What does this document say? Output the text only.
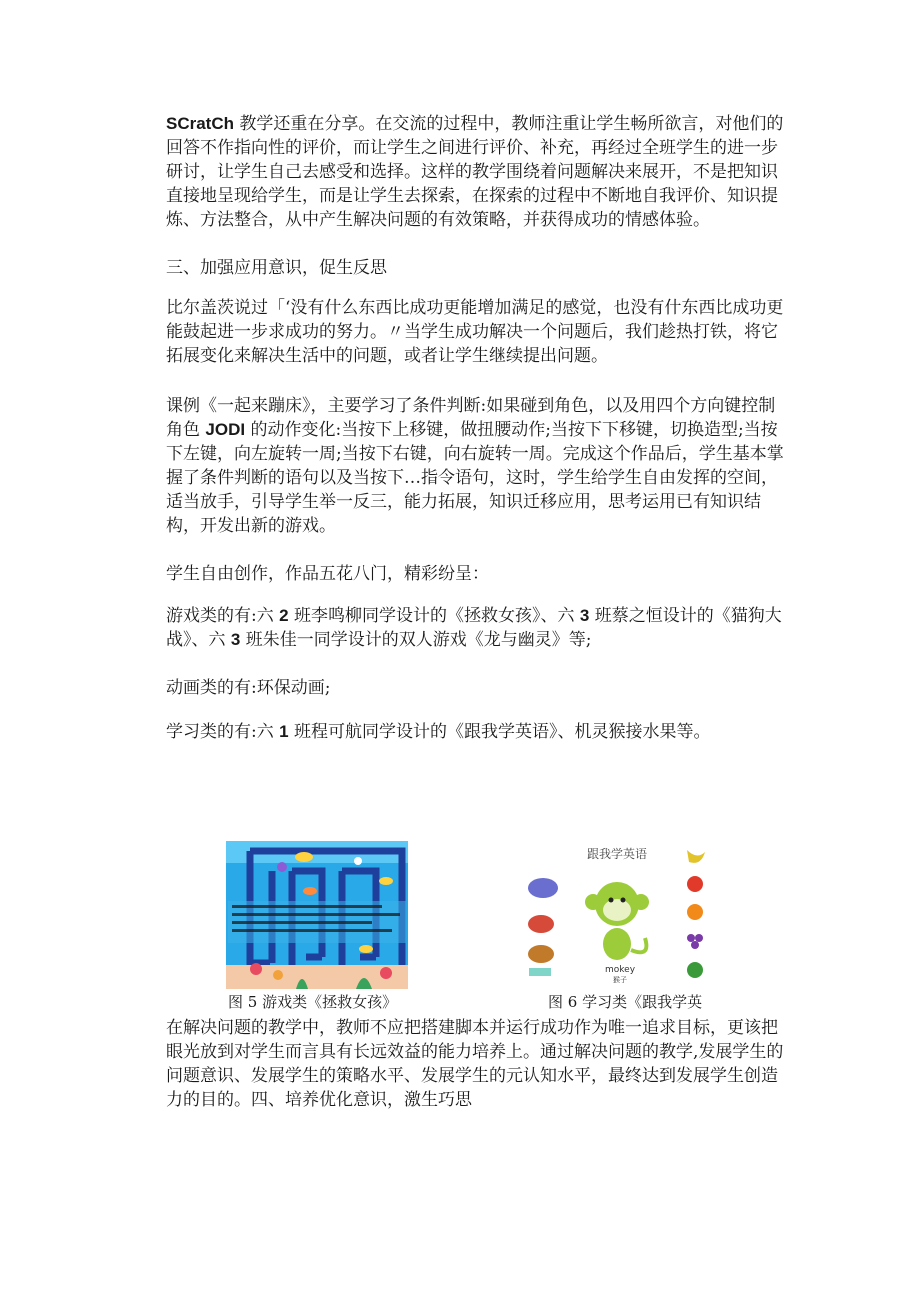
SCratCh 教学还重在分享。在交流的过程中，教师注重让学生畅所欲言，对他们的回答不作指向性的评价，而让学生之间进行评价、补充，再经过全班学生的进一步研讨，让学生自己去感受和选择。这样的教学围绕着问题解决来展开，不是把知识直接地呈现给学生，而是让学生去探索，在探索的过程中不断地自我评价、知识提炼、方法整合，从中产生解决问题的有效策略，并获得成功的情感体验。

三、加强应用意识，促生反思

比尔盖茨说过「‘没有什么东西比成功更能增加满足的感觉，也没有什东西比成功更能鼓起进一步求成功的努力。〃当学生成功解决一个问题后，我们趁热打铁，将它拓展变化来解决生活中的问题，或者让学生继续提出问题。

课例《一起来蹦床》，主要学习了条件判断:如果碰到角色，以及用四个方向键控制角色 JODI 的动作变化:当按下上移键，做扭腰动作;当按下下移键，切换造型;当按下左键，向左旋转一周;当按下右键，向右旋转一周。完成这个作品后，学生基本掌握了条件判断的语句以及当按下…指令语句，这时，学生给学生自由发挥的空间，适当放手，引导学生举一反三，能力拓展，知识迁移应用，思考运用已有知识结构，开发出新的游戏。

学生自由创作，作品五花八门，精彩纷呈：

游戏类的有:六 2 班李鸣柳同学设计的《拯救女孩》、六 3 班蔡之恒设计的《猫狗大战》、六 3 班朱佳一同学设计的双人游戏《龙与幽灵》等;

动画类的有:环保动画;

学习类的有:六 1 班程可航同学设计的《跟我学英语》、机灵猴接水果等。

图 5 游戏类《拯救女孩》
跟我学英语
mokey
猴子
图 6 学习类《跟我学英

在解决问题的教学中，教师不应把搭建脚本并运行成功作为唯一追求目标，更该把眼光放到对学生而言具有长远效益的能力培养上。通过解决问题的教学,发展学生的问题意识、发展学生的策略水平、发展学生的元认知水平，最终达到发展学生创造力的目的。四、培养优化意识，激生巧思
